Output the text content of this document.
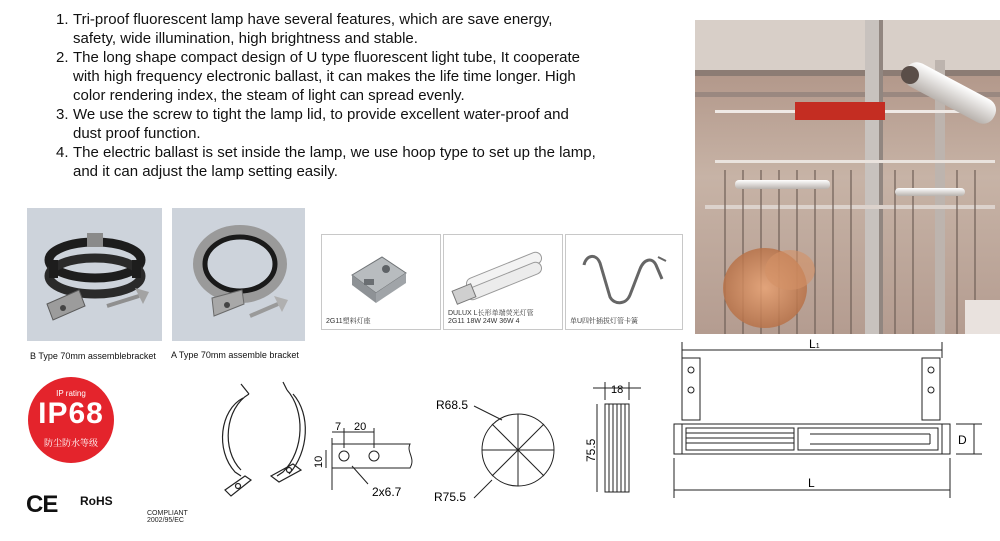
1. Tri-proof fluorescent lamp have several features, which are save energy, safety, wide illumination, high brightness and stable.
2. The long shape compact design of U type fluorescent light tube, It cooperate with high frequency electronic ballast, it can makes the life time longer. High color rendering index, the steam of light can spread evenly.
3. We use the screw to tight the lamp lid, to provide excellent water-proof and dust proof function.
4. The electric ballast is set inside the lamp, we use hoop type to set up the lamp, and it can adjust the lamp setting easily.
B Type 70mm assemblebracket A Type 70mm assemble bracket
2G11塑料灯座
DULUX L长形单端荧光灯管
2G11 18W 24W 36W 4	单U四针插拔灯管卡簧
IP rating
IP68
防尘防水等级
CE RoHS
COMPLIANT
2002/95/EC
7 20
10
2x6.7
R68.5
R75.5
18
75.5
L1
D
L
